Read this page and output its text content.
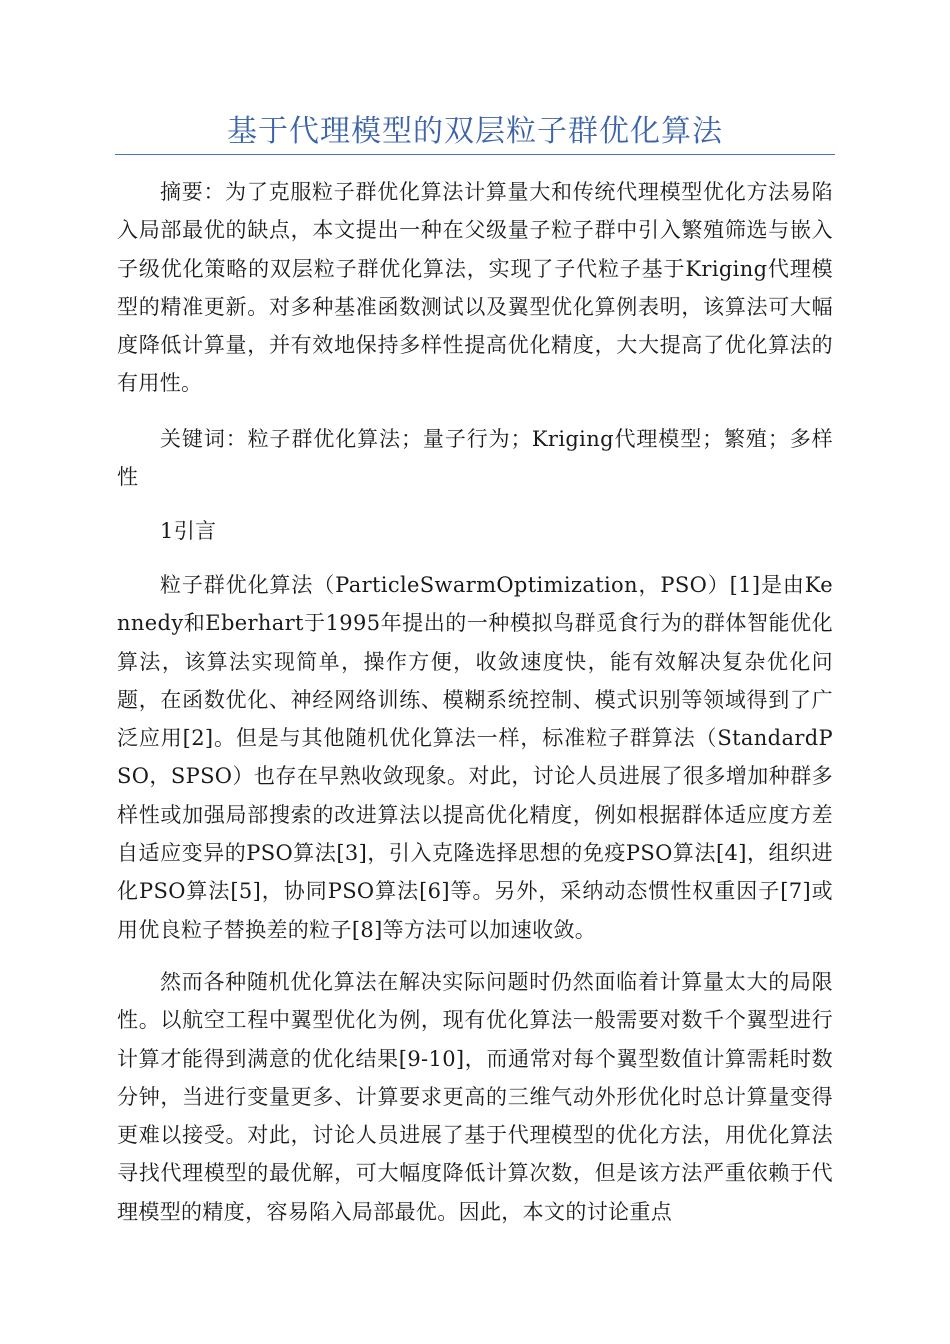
基于代理模型的双层粒子群优化算法

摘要：为了克服粒子群优化算法计算量大和传统代理模型优化方法易陷入局部最优的缺点，本文提出一种在父级量子粒子群中引入繁殖筛选与嵌入子级优化策略的双层粒子群优化算法，实现了子代粒子基于Kriging代理模型的精准更新。对多种基准函数测试以及翼型优化算例表明，该算法可大幅度降低计算量，并有效地保持多样性提高优化精度，大大提高了优化算法的有用性。

关键词：粒子群优化算法；量子行为；Kriging代理模型；繁殖；多样性

1引言

粒子群优化算法（ParticleSwarmOptimization，PSO）[1]是由Kennedy和Eberhart于1995年提出的一种模拟鸟群觅食行为的群体智能优化算法，该算法实现简单，操作方便，收敛速度快，能有效解决复杂优化问题，在函数优化、神经网络训练、模糊系统控制、模式识别等领域得到了广泛应用[2]。但是与其他随机优化算法一样，标准粒子群算法（StandardPSO，SPSO）也存在早熟收敛现象。对此，讨论人员进展了很多增加种群多样性或加强局部搜索的改进算法以提高优化精度，例如根据群体适应度方差自适应变异的PSO算法[3]，引入克隆选择思想的免疫PSO算法[4]，组织进化PSO算法[5]，协同PSO算法[6]等。另外，采纳动态惯性权重因子[7]或用优良粒子替换差的粒子[8]等方法可以加速收敛。

然而各种随机优化算法在解决实际问题时仍然面临着计算量太大的局限性。以航空工程中翼型优化为例，现有优化算法一般需要对数千个翼型进行计算才能得到满意的优化结果[9-10]，而通常对每个翼型数值计算需耗时数分钟，当进行变量更多、计算要求更高的三维气动外形优化时总计算量变得更难以接受。对此，讨论人员进展了基于代理模型的优化方法，用优化算法寻找代理模型的最优解，可大幅度降低计算次数，但是该方法严重依赖于代理模型的精度，容易陷入局部最优。因此，本文的讨论重点
